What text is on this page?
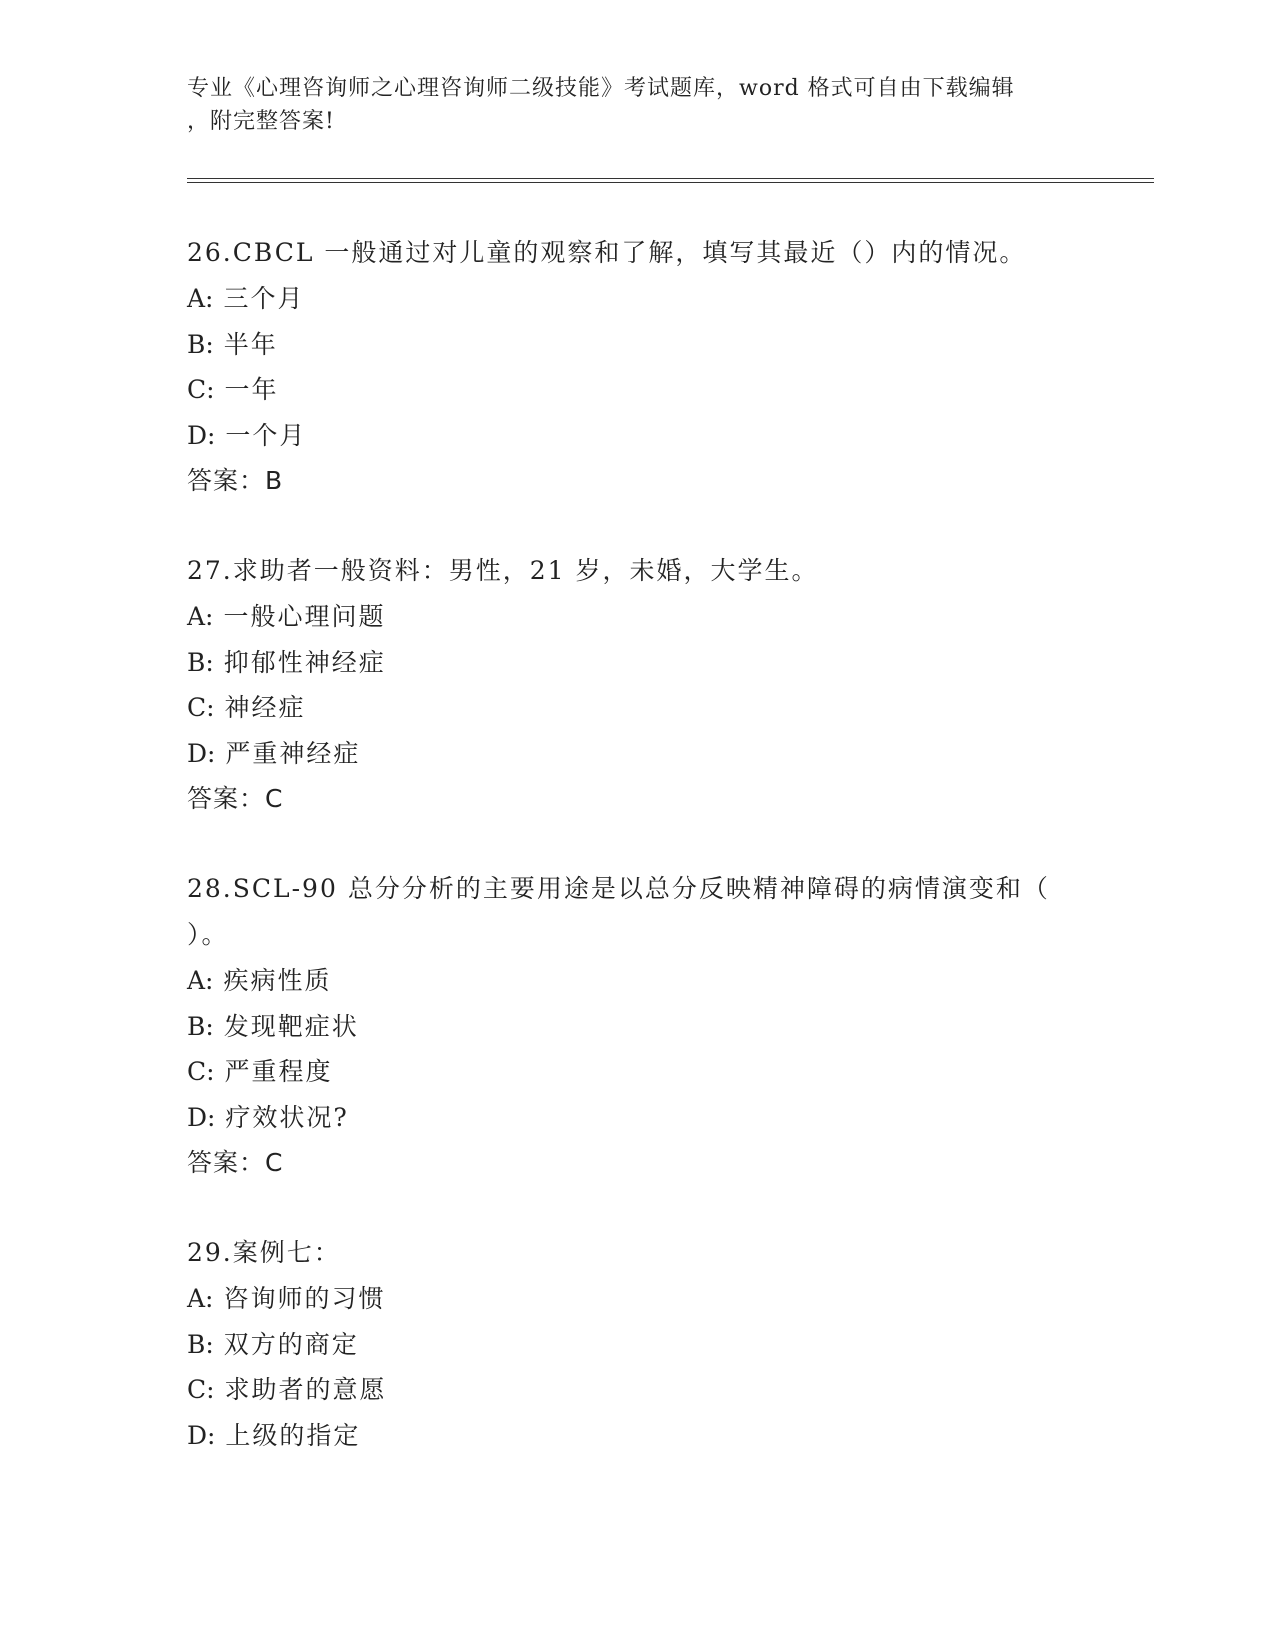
专业《心理咨询师之心理咨询师二级技能》考试题库，word 格式可自由下载编辑
，附完整答案!

26.CBCL 一般通过对儿童的观察和了解，填写其最近（）内的情况。

A: 三个月

B: 半年

C: 一年

D: 一个月

答案：B

27.求助者一般资料：男性，21 岁，未婚，大学生。

A: 一般心理问题

B: 抑郁性神经症

C: 神经症

D: 严重神经症

答案：C

28.SCL-90 总分分析的主要用途是以总分反映精神障碍的病情演变和（

）。

A: 疾病性质

B: 发现靶症状

C: 严重程度

D: 疗效状况?

答案：C

29.案例七：

A: 咨询师的习惯

B: 双方的商定

C: 求助者的意愿

D: 上级的指定
